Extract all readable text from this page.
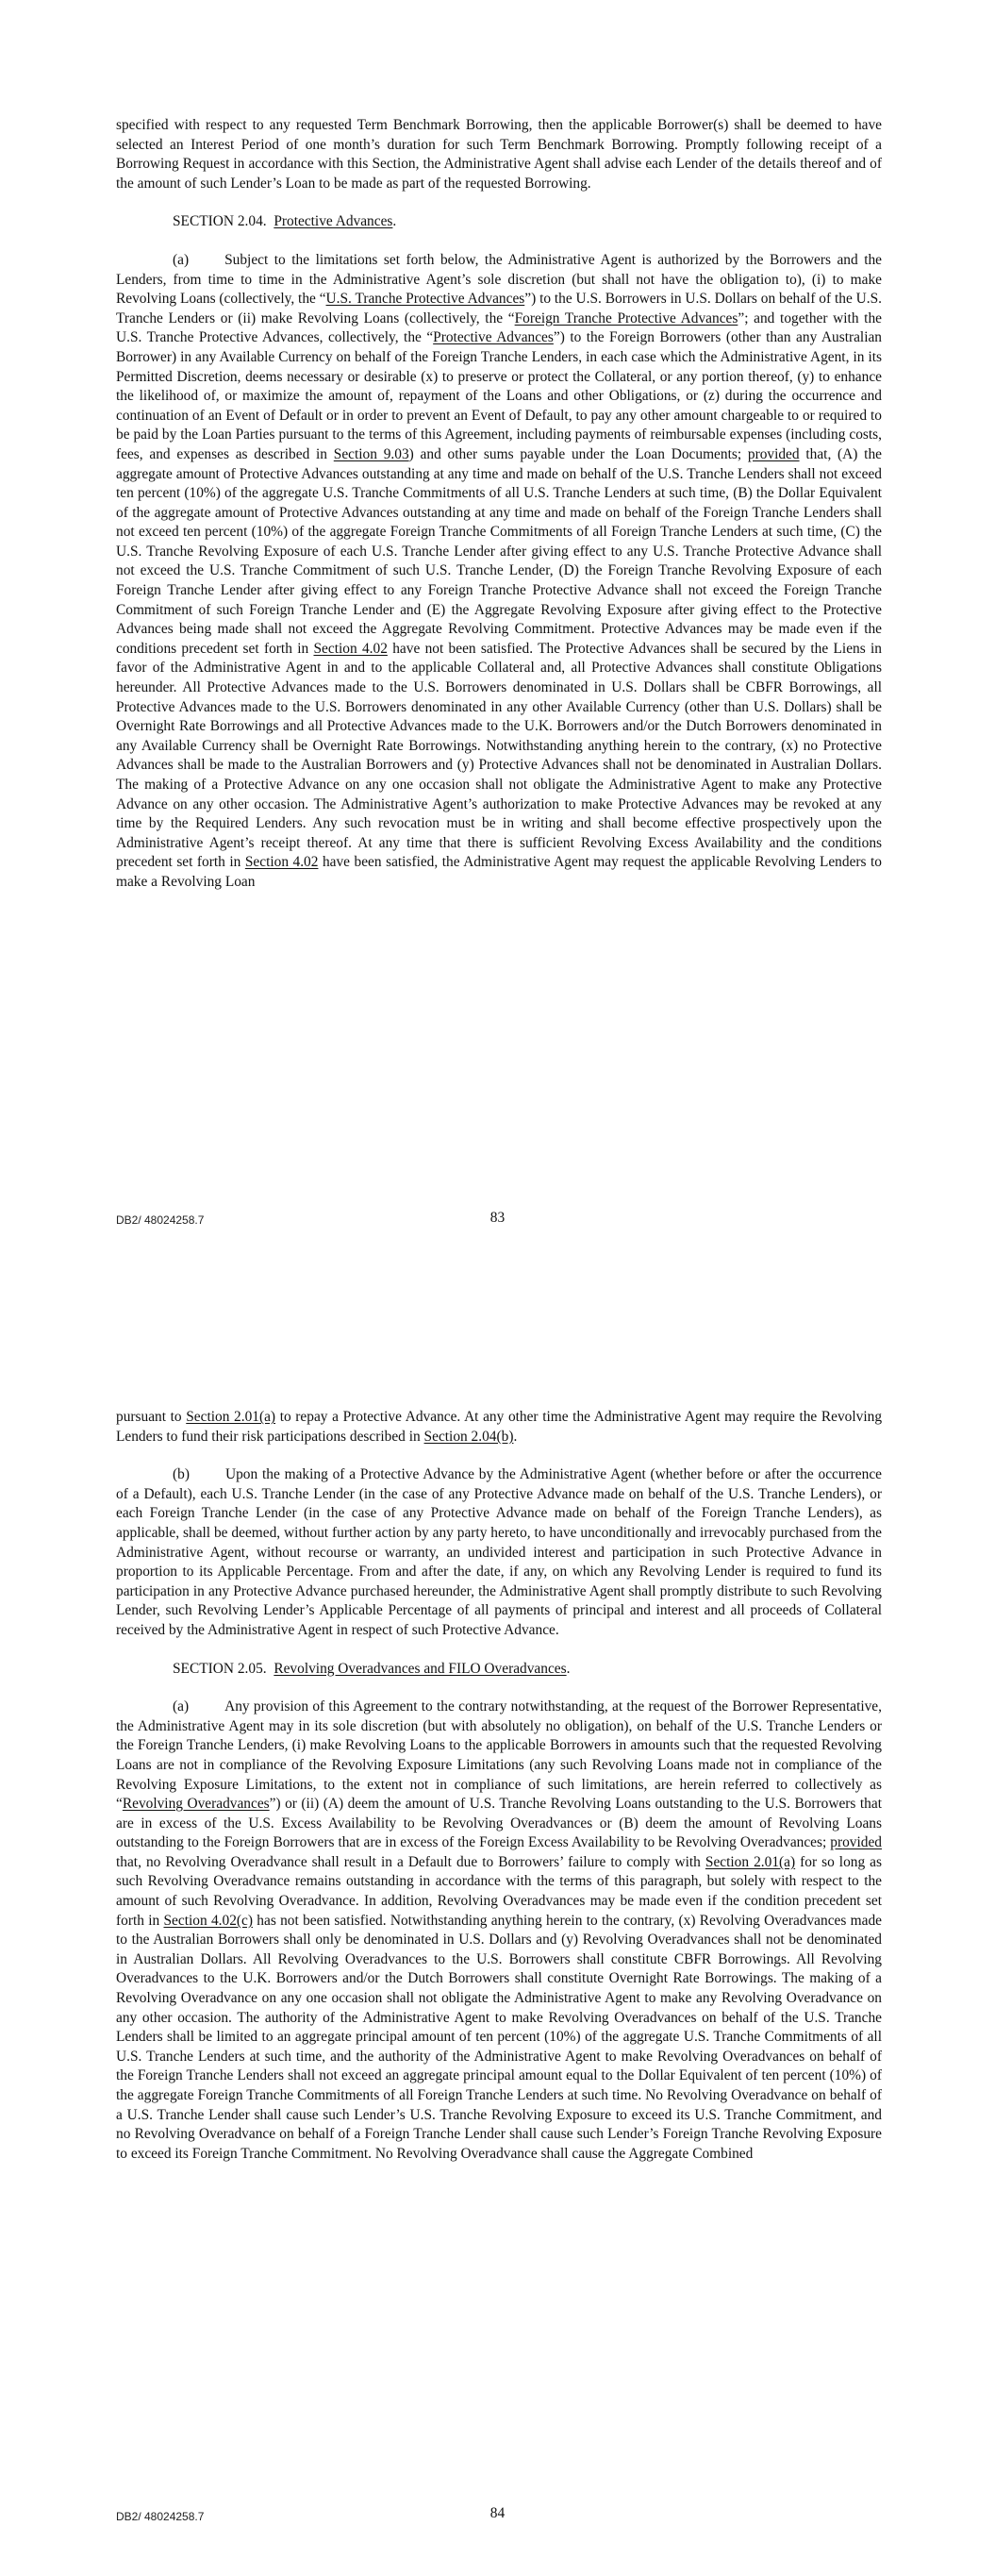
specified with respect to any requested Term Benchmark Borrowing, then the applicable Borrower(s) shall be deemed to have selected an Interest Period of one month’s duration for such Term Benchmark Borrowing. Promptly following receipt of a Borrowing Request in accordance with this Section, the Administrative Agent shall advise each Lender of the details thereof and of the amount of such Lender’s Loan to be made as part of the requested Borrowing.

SECTION 2.04. Protective Advances.

(a) Subject to the limitations set forth below, the Administrative Agent is authorized by the Borrowers and the Lenders, from time to time in the Administrative Agent’s sole discretion (but shall not have the obligation to), (i) to make Revolving Loans (collectively, the “U.S. Tranche Protective Advances”) to the U.S. Borrowers in U.S. Dollars on behalf of the U.S. Tranche Lenders or (ii) make Revolving Loans (collectively, the “Foreign Tranche Protective Advances”; and together with the U.S. Tranche Protective Advances, collectively, the “Protective Advances”) to the Foreign Borrowers (other than any Australian Borrower) in any Available Currency on behalf of the Foreign Tranche Lenders, in each case which the Administrative Agent, in its Permitted Discretion, deems necessary or desirable (x) to preserve or protect the Collateral, or any portion thereof, (y) to enhance the likelihood of, or maximize the amount of, repayment of the Loans and other Obligations, or (z) during the occurrence and continuation of an Event of Default or in order to prevent an Event of Default, to pay any other amount chargeable to or required to be paid by the Loan Parties pursuant to the terms of this Agreement, including payments of reimbursable expenses (including costs, fees, and expenses as described in Section 9.03) and other sums payable under the Loan Documents; provided that, (A) the aggregate amount of Protective Advances outstanding at any time and made on behalf of the U.S. Tranche Lenders shall not exceed ten percent (10%) of the aggregate U.S. Tranche Commitments of all U.S. Tranche Lenders at such time, (B) the Dollar Equivalent of the aggregate amount of Protective Advances outstanding at any time and made on behalf of the Foreign Tranche Lenders shall not exceed ten percent (10%) of the aggregate Foreign Tranche Commitments of all Foreign Tranche Lenders at such time, (C) the U.S. Tranche Revolving Exposure of each U.S. Tranche Lender after giving effect to any U.S. Tranche Protective Advance shall not exceed the U.S. Tranche Commitment of such U.S. Tranche Lender, (D) the Foreign Tranche Revolving Exposure of each Foreign Tranche Lender after giving effect to any Foreign Tranche Protective Advance shall not exceed the Foreign Tranche Commitment of such Foreign Tranche Lender and (E) the Aggregate Revolving Exposure after giving effect to the Protective Advances being made shall not exceed the Aggregate Revolving Commitment. Protective Advances may be made even if the conditions precedent set forth in Section 4.02 have not been satisfied. The Protective Advances shall be secured by the Liens in favor of the Administrative Agent in and to the applicable Collateral and, all Protective Advances shall constitute Obligations hereunder. All Protective Advances made to the U.S. Borrowers denominated in U.S. Dollars shall be CBFR Borrowings, all Protective Advances made to the U.S. Borrowers denominated in any other Available Currency (other than U.S. Dollars) shall be Overnight Rate Borrowings and all Protective Advances made to the U.K. Borrowers and/or the Dutch Borrowers denominated in any Available Currency shall be Overnight Rate Borrowings. Notwithstanding anything herein to the contrary, (x) no Protective Advances shall be made to the Australian Borrowers and (y) Protective Advances shall not be denominated in Australian Dollars. The making of a Protective Advance on any one occasion shall not obligate the Administrative Agent to make any Protective Advance on any other occasion. The Administrative Agent’s authorization to make Protective Advances may be revoked at any time by the Required Lenders. Any such revocation must be in writing and shall become effective prospectively upon the Administrative Agent’s receipt thereof. At any time that there is sufficient Revolving Excess Availability and the conditions precedent set forth in Section 4.02 have been satisfied, the Administrative Agent may request the applicable Revolving Lenders to make a Revolving Loan

DB2/ 48024258.7	83

pursuant to Section 2.01(a) to repay a Protective Advance. At any other time the Administrative Agent may require the Revolving Lenders to fund their risk participations described in Section 2.04(b).

(b) Upon the making of a Protective Advance by the Administrative Agent (whether before or after the occurrence of a Default), each U.S. Tranche Lender (in the case of any Protective Advance made on behalf of the U.S. Tranche Lenders), or each Foreign Tranche Lender (in the case of any Protective Advance made on behalf of the Foreign Tranche Lenders), as applicable, shall be deemed, without further action by any party hereto, to have unconditionally and irrevocably purchased from the Administrative Agent, without recourse or warranty, an undivided interest and participation in such Protective Advance in proportion to its Applicable Percentage. From and after the date, if any, on which any Revolving Lender is required to fund its participation in any Protective Advance purchased hereunder, the Administrative Agent shall promptly distribute to such Revolving Lender, such Revolving Lender’s Applicable Percentage of all payments of principal and interest and all proceeds of Collateral received by the Administrative Agent in respect of such Protective Advance.

SECTION 2.05. Revolving Overadvances and FILO Overadvances.

(a) Any provision of this Agreement to the contrary notwithstanding, at the request of the Borrower Representative, the Administrative Agent may in its sole discretion (but with absolutely no obligation), on behalf of the U.S. Tranche Lenders or the Foreign Tranche Lenders, (i) make Revolving Loans to the applicable Borrowers in amounts such that the requested Revolving Loans are not in compliance of the Revolving Exposure Limitations (any such Revolving Loans made not in compliance of the Revolving Exposure Limitations, to the extent not in compliance of such limitations, are herein referred to collectively as “Revolving Overadvances”) or (ii) (A) deem the amount of U.S. Tranche Revolving Loans outstanding to the U.S. Borrowers that are in excess of the U.S. Excess Availability to be Revolving Overadvances or (B) deem the amount of Revolving Loans outstanding to the Foreign Borrowers that are in excess of the Foreign Excess Availability to be Revolving Overadvances; provided that, no Revolving Overadvance shall result in a Default due to Borrowers’ failure to comply with Section 2.01(a) for so long as such Revolving Overadvance remains outstanding in accordance with the terms of this paragraph, but solely with respect to the amount of such Revolving Overadvance. In addition, Revolving Overadvances may be made even if the condition precedent set forth in Section 4.02(c) has not been satisfied. Notwithstanding anything herein to the contrary, (x) Revolving Overadvances made to the Australian Borrowers shall only be denominated in U.S. Dollars and (y) Revolving Overadvances shall not be denominated in Australian Dollars. All Revolving Overadvances to the U.S. Borrowers shall constitute CBFR Borrowings. All Revolving Overadvances to the U.K. Borrowers and/or the Dutch Borrowers shall constitute Overnight Rate Borrowings. The making of a Revolving Overadvance on any one occasion shall not obligate the Administrative Agent to make any Revolving Overadvance on any other occasion. The authority of the Administrative Agent to make Revolving Overadvances on behalf of the U.S. Tranche Lenders shall be limited to an aggregate principal amount of ten percent (10%) of the aggregate U.S. Tranche Commitments of all U.S. Tranche Lenders at such time, and the authority of the Administrative Agent to make Revolving Overadvances on behalf of the Foreign Tranche Lenders shall not exceed an aggregate principal amount equal to the Dollar Equivalent of ten percent (10%) of the aggregate Foreign Tranche Commitments of all Foreign Tranche Lenders at such time. No Revolving Overadvance on behalf of a U.S. Tranche Lender shall cause such Lender’s U.S. Tranche Revolving Exposure to exceed its U.S. Tranche Commitment, and no Revolving Overadvance on behalf of a Foreign Tranche Lender shall cause such Lender’s Foreign Tranche Revolving Exposure to exceed its Foreign Tranche Commitment. No Revolving Overadvance shall cause the Aggregate Combined

DB2/ 48024258.7	84
